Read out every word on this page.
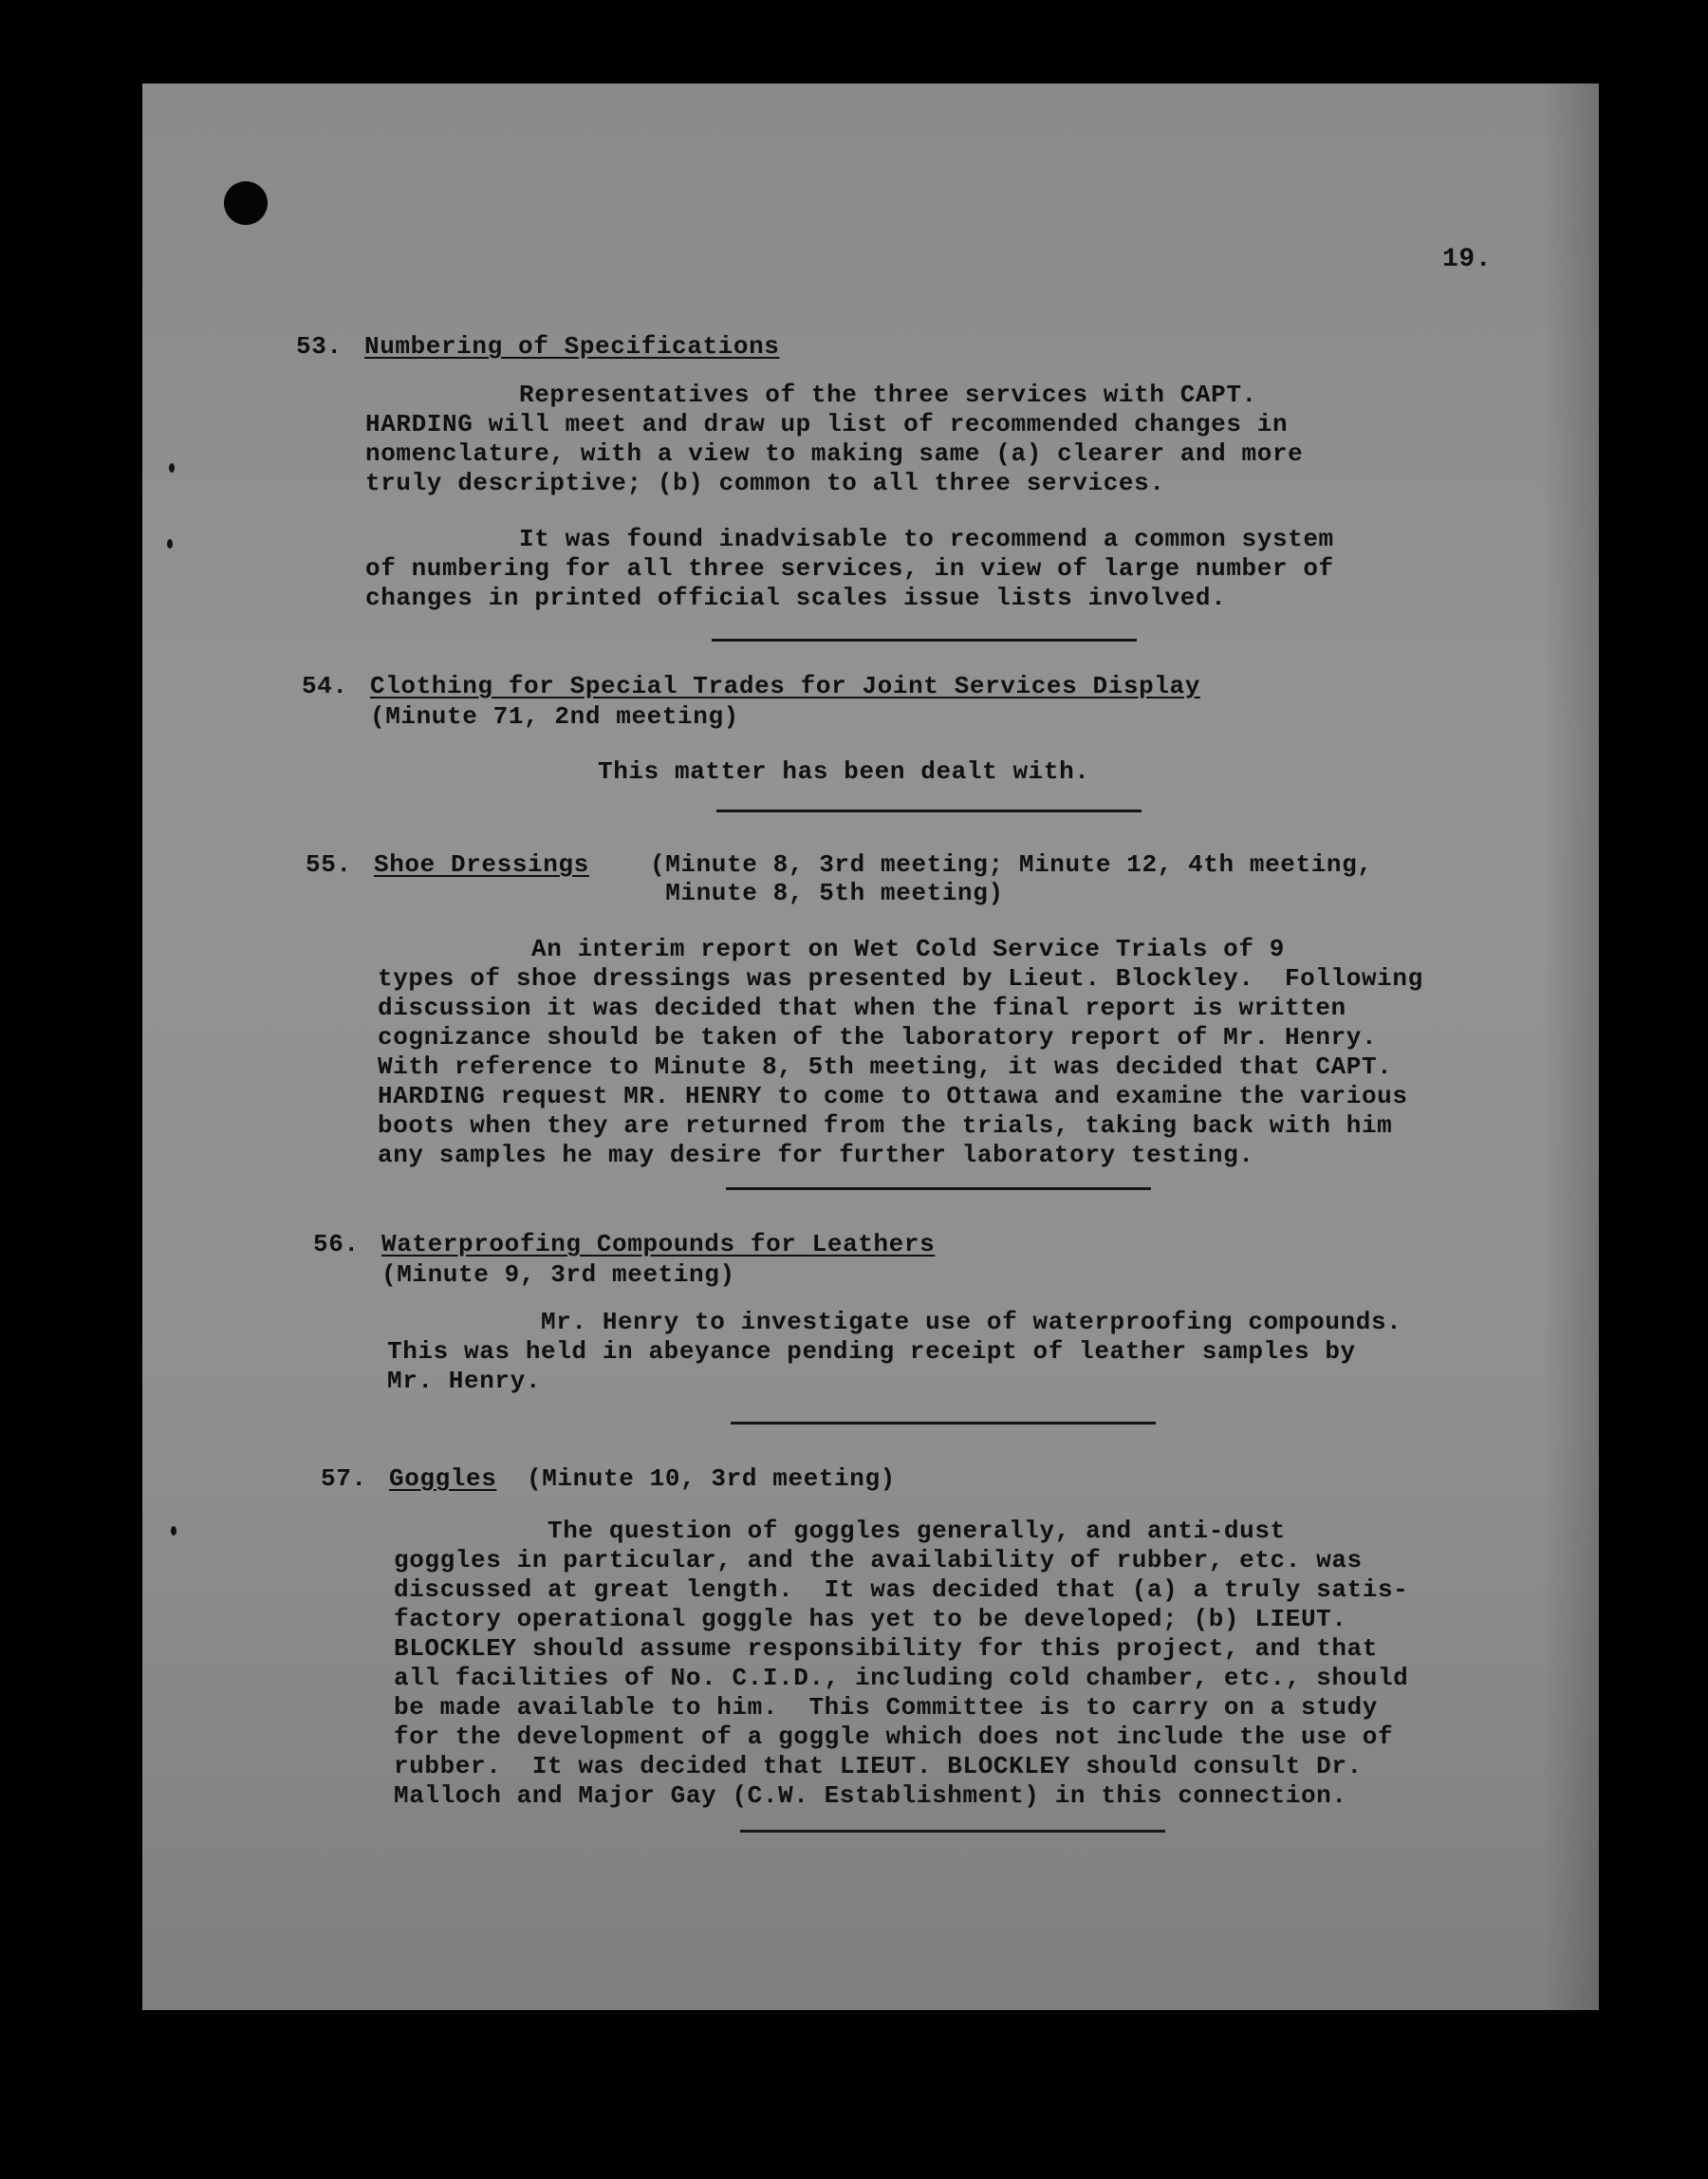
19.
53. Numbering of Specifications
Representatives of the three services with CAPT.
HARDING will meet and draw up list of recommended changes in
nomenclature, with a view to making same (a) clearer and more
truly descriptive; (b) common to all three services.
It was found inadvisable to recommend a common system
of numbering for all three services, in view of large number of
changes in printed official scales issue lists involved.
54. Clothing for Special Trades for Joint Services Display
(Minute 71, 2nd meeting)
This matter has been dealt with.
55. Shoe Dressings (Minute 8, 3rd meeting; Minute 12, 4th meeting,
Minute 8, 5th meeting)
An interim report on Wet Cold Service Trials of 9
types of shoe dressings was presented by Lieut. Blockley.  Following
discussion it was decided that when the final report is written
cognizance should be taken of the laboratory report of Mr. Henry.
With reference to Minute 8, 5th meeting, it was decided that CAPT.
HARDING request MR. HENRY to come to Ottawa and examine the various
boots when they are returned from the trials, taking back with him
any samples he may desire for further laboratory testing.
56. Waterproofing Compounds for Leathers
(Minute 9, 3rd meeting)
Mr. Henry to investigate use of waterproofing compounds.
This was held in abeyance pending receipt of leather samples by
Mr. Henry.
57. Goggles (Minute 10, 3rd meeting)
The question of goggles generally, and anti-dust
goggles in particular, and the availability of rubber, etc. was
discussed at great length.  It was decided that (a) a truly satis-
factory operational goggle has yet to be developed; (b) LIEUT.
BLOCKLEY should assume responsibility for this project, and that
all facilities of No. C.I.D., including cold chamber, etc., should
be made available to him.  This Committee is to carry on a study
for the development of a goggle which does not include the use of
rubber.  It was decided that LIEUT. BLOCKLEY should consult Dr.
Malloch and Major Gay (C.W. Establishment) in this connection.
